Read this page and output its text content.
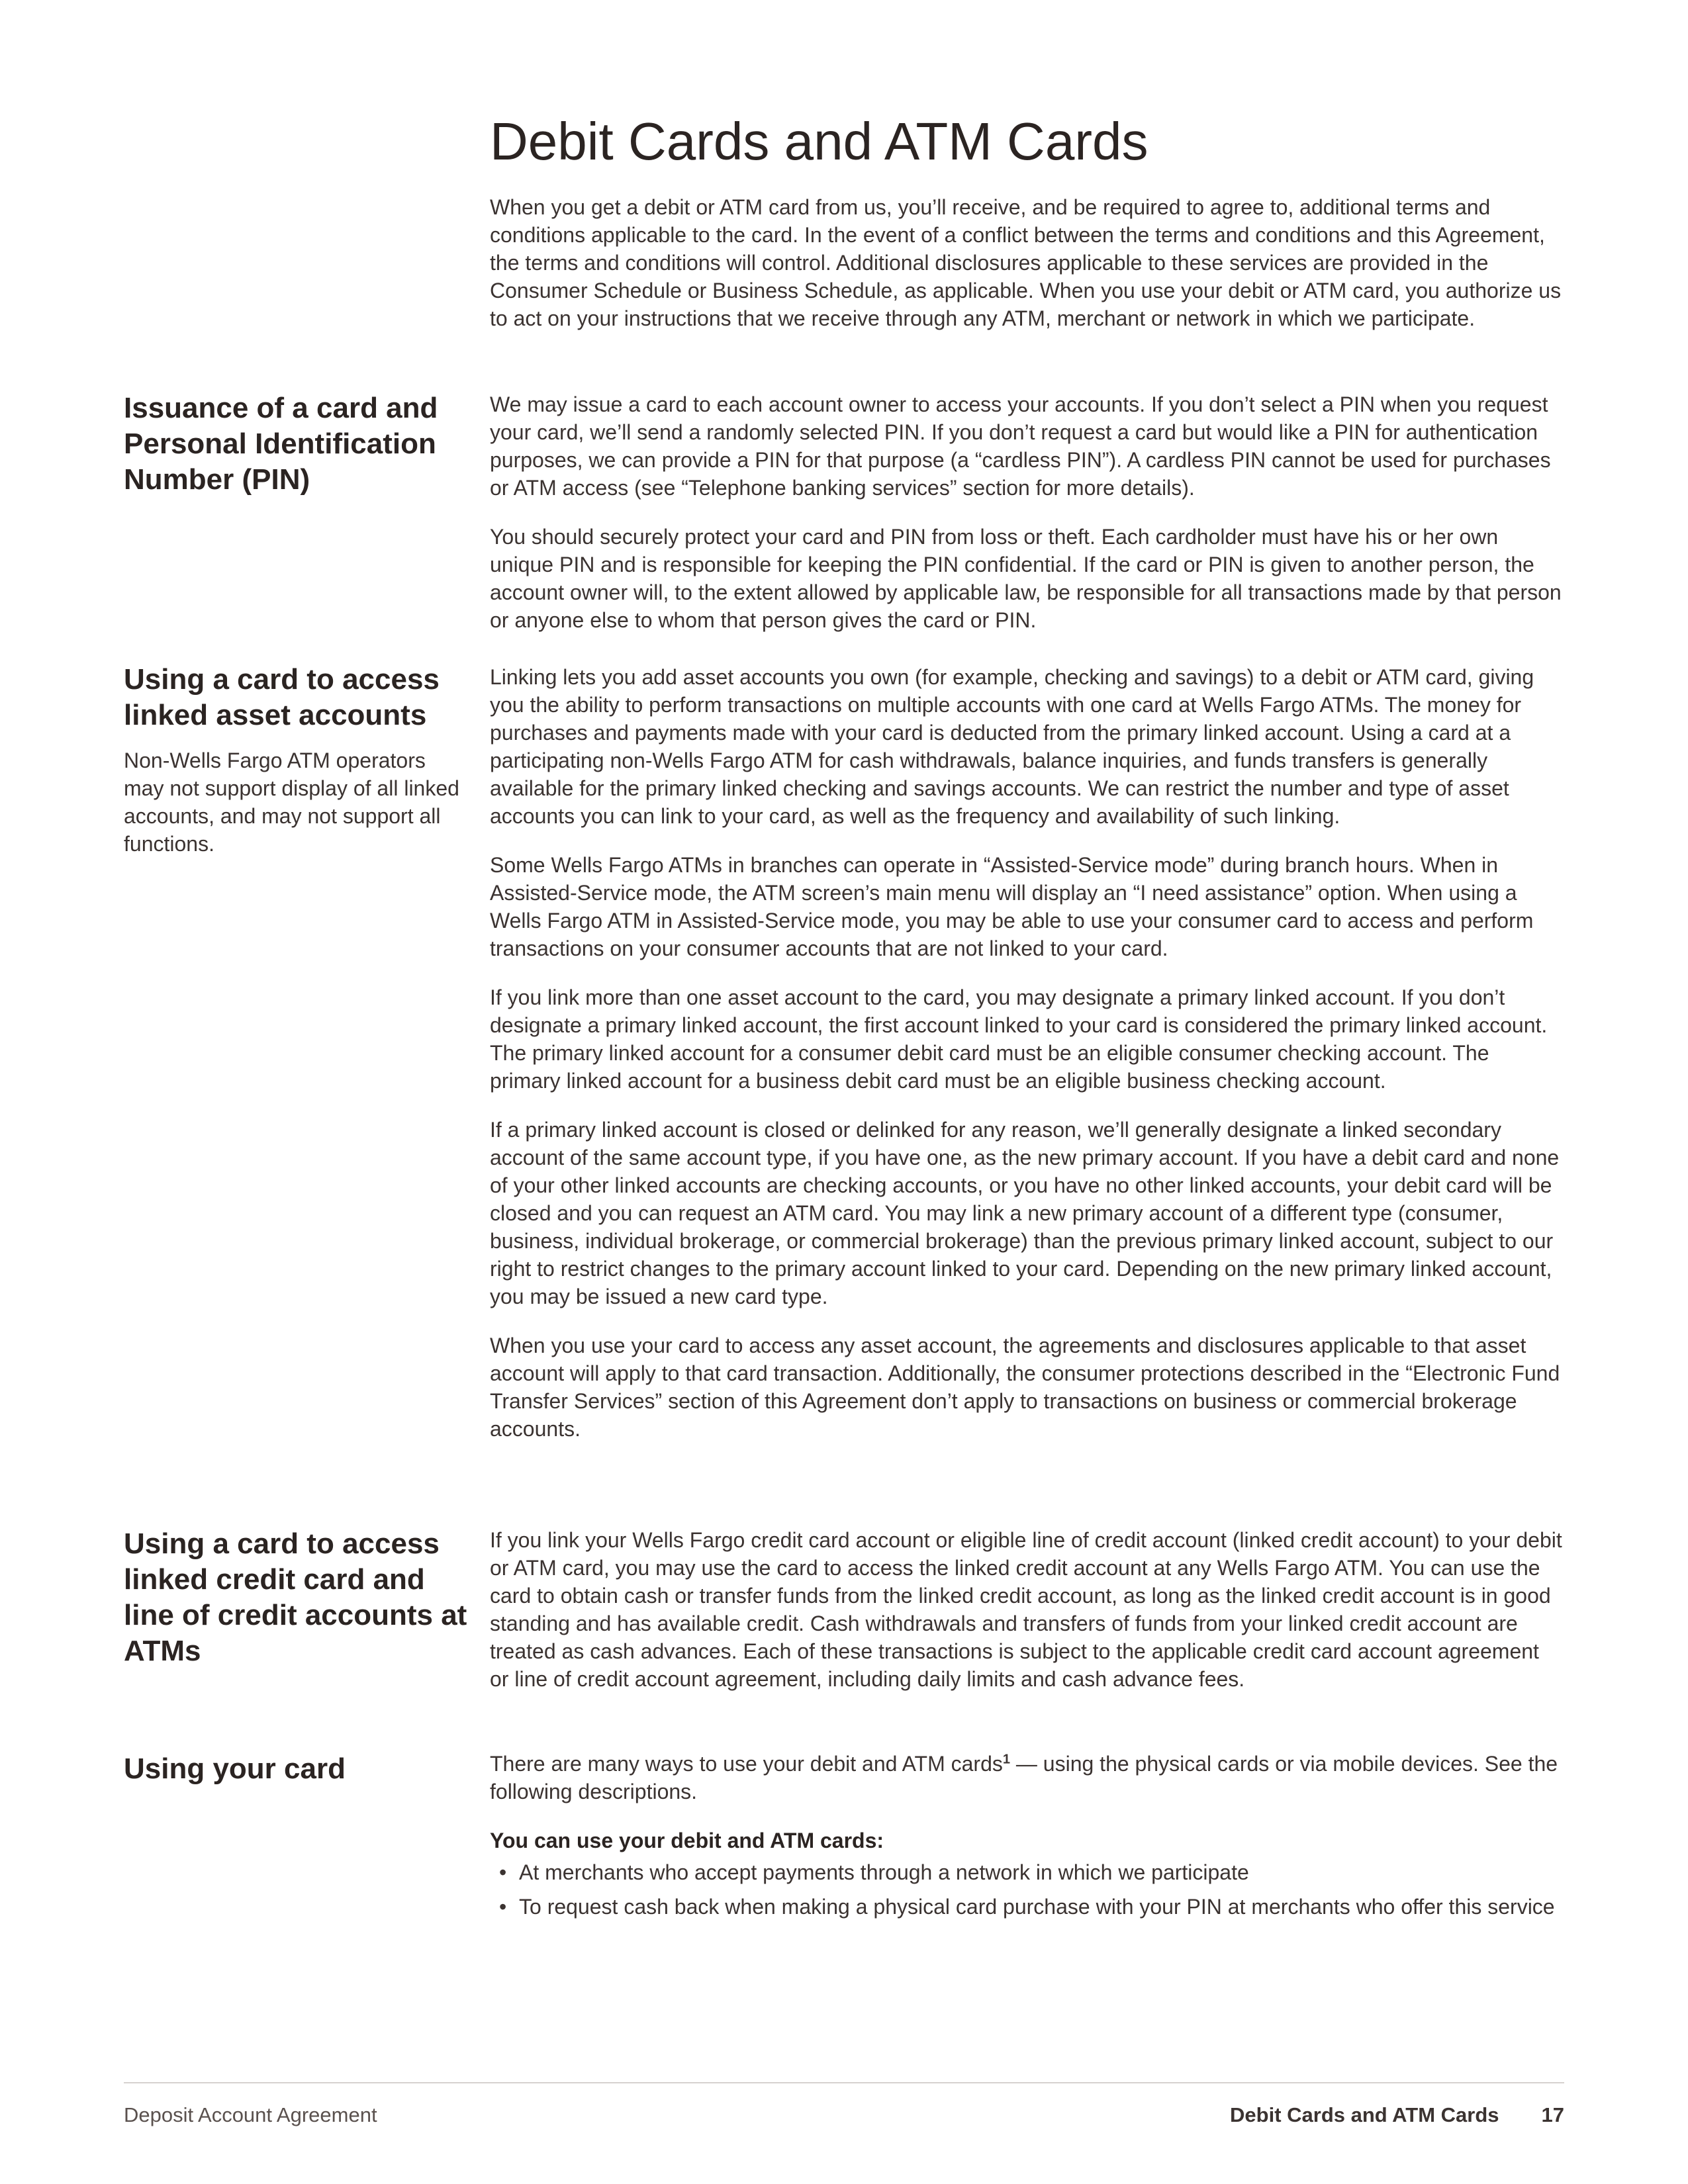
Debit Cards and ATM Cards

When you get a debit or ATM card from us, you’ll receive, and be required to agree to, additional terms and conditions applicable to the card. In the event of a conflict between the terms and conditions and this Agreement, the terms and conditions will control. Additional disclosures applicable to these services are provided in the Consumer Schedule or Business Schedule, as applicable. When you use your debit or ATM card, you authorize us to act on your instructions that we receive through any ATM, merchant or network in which we participate.

Issuance of a card and Personal Identification Number (PIN)

We may issue a card to each account owner to access your accounts. If you don’t select a PIN when you request your card, we’ll send a randomly selected PIN. If you don’t request a card but would like a PIN for authentication purposes, we can provide a PIN for that purpose (a “cardless PIN”). A cardless PIN cannot be used for purchases or ATM access (see “Telephone banking services” section for more details).

You should securely protect your card and PIN from loss or theft. Each cardholder must have his or her own unique PIN and is responsible for keeping the PIN confidential. If the card or PIN is given to another person, the account owner will, to the extent allowed by applicable law, be responsible for all transactions made by that person or anyone else to whom that person gives the card or PIN.

Using a card to access linked asset accounts
Non-Wells Fargo ATM operators may not support display of all linked accounts, and may not support all functions.

Linking lets you add asset accounts you own (for example, checking and savings) to a debit or ATM card, giving you the ability to perform transactions on multiple accounts with one card at Wells Fargo ATMs. The money for purchases and payments made with your card is deducted from the primary linked account. Using a card at a participating non-Wells Fargo ATM for cash withdrawals, balance inquiries, and funds transfers is generally available for the primary linked checking and savings accounts. We can restrict the number and type of asset accounts you can link to your card, as well as the frequency and availability of such linking.

Some Wells Fargo ATMs in branches can operate in “Assisted-Service mode” during branch hours. When in Assisted-Service mode, the ATM screen’s main menu will display an “I need assistance” option. When using a Wells Fargo ATM in Assisted-Service mode, you may be able to use your consumer card to access and perform transactions on your consumer accounts that are not linked to your card.

If you link more than one asset account to the card, you may designate a primary linked account. If you don’t designate a primary linked account, the first account linked to your card is considered the primary linked account. The primary linked account for a consumer debit card must be an eligible consumer checking account. The primary linked account for a business debit card must be an eligible business checking account.

If a primary linked account is closed or delinked for any reason, we’ll generally designate a linked secondary account of the same account type, if you have one, as the new primary account. If you have a debit card and none of your other linked accounts are checking accounts, or you have no other linked accounts, your debit card will be closed and you can request an ATM card. You may link a new primary account of a different type (consumer, business, individual brokerage, or commercial brokerage) than the previous primary linked account, subject to our right to restrict changes to the primary account linked to your card. Depending on the new primary linked account, you may be issued a new card type.

When you use your card to access any asset account, the agreements and disclosures applicable to that asset account will apply to that card transaction. Additionally, the consumer protections described in the “Electronic Fund Transfer Services” section of this Agreement don’t apply to transactions on business or commercial brokerage accounts.

Using a card to access linked credit card and line of credit accounts at ATMs

If you link your Wells Fargo credit card account or eligible line of credit account (linked credit account) to your debit or ATM card, you may use the card to access the linked credit account at any Wells Fargo ATM. You can use the card to obtain cash or transfer funds from the linked credit account, as long as the linked credit account is in good standing and has available credit. Cash withdrawals and transfers of funds from your linked credit account are treated as cash advances. Each of these transactions is subject to the applicable credit card account agreement or line of credit account agreement, including daily limits and cash advance fees.

Using your card	There are many ways to use your debit and ATM cards$^1$ — using the physical cards or via mobile devices. See the following descriptions.

You can use your debit and ATM cards:

• At merchants who accept payments through a network in which we participate
• To request cash back when making a physical card purchase with your PIN at merchants who offer this service
Deposit Account Agreement	Debit Cards and ATM Cards 17
